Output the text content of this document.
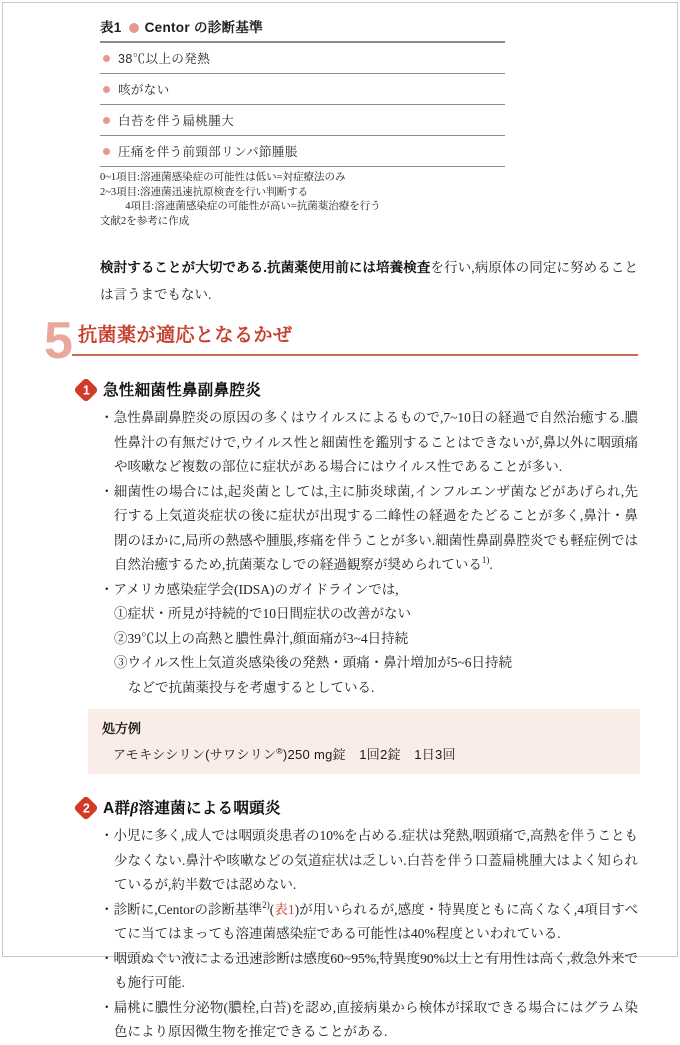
表1 Centor の診断基準
38℃以上の発熱
咳がない
白苔を伴う扁桃腫大
圧痛を伴う前頸部リンパ節腫脹
0~1項目:溶連菌感染症の可能性は低い=対症療法のみ
2~3項目:溶連菌迅速抗原検査を行い判断する
4項目:溶連菌感染症の可能性が高い=抗菌薬治療を行う
文献2を参考に作成

検討することが大切である.抗菌薬使用前には培養検査を行い,病原体の同定に努めることは言うまでもない.

5 抗菌薬が適応となるかぜ
1 急性細菌性鼻副鼻腔炎

・急性鼻副鼻腔炎の原因の多くはウイルスによるもので,7~10日の経過で自然治癒する.膿性鼻汁の有無だけで,ウイルス性と細菌性を鑑別することはできないが,鼻以外に咽頭痛や咳嗽など複数の部位に症状がある場合にはウイルス性であることが多い.

・細菌性の場合には,起炎菌としては,主に肺炎球菌,インフルエンザ菌などがあげられ,先行する上気道炎症状の後に症状が出現する二峰性の経過をたどることが多く,鼻汁・鼻閉のほかに,局所の熱感や腫脹,疼痛を伴うことが多い.細菌性鼻副鼻腔炎でも軽症例では自然治癒するため,抗菌薬なしでの経過観察が奨められている$^{1)}$.

・アメリカ感染症学会(IDSA)のガイドラインでは,

①症状・所見が持続的で10日間症状の改善がない

②39℃以上の高熱と膿性鼻汁,顔面痛が3~4日持続

③ウイルス性上気道炎感染後の発熱・頭痛・鼻汁増加が5~6日持続

などで抗菌薬投与を考慮するとしている.

処方例

アモキシシリン(サワシリン®)250 mg錠　1回2錠　1日3回

2 A群β溶連菌による咽頭炎

・小児に多く,成人では咽頭炎患者の10%を占める.症状は発熱,咽頭痛で,高熱を伴うことも少なくない.鼻汁や咳嗽などの気道症状は乏しい.白苔を伴う口蓋扁桃腫大はよく知られているが,約半数では認めない.

・診断に,Centorの診断基準$^{2)}$(表1)が用いられるが,感度・特異度ともに高くなく,4項目すべてに当てはまっても溶連菌感染症である可能性は40%程度といわれている.

・咽頭ぬぐい液による迅速診断は感度60~95%,特異度90%以上と有用性は高く,救急外来でも施行可能.

・扁桃に膿性分泌物(膿栓,白苔)を認め,直接病巣から検体が採取できる場合にはグラム染色により原因微生物を推定できることがある.
